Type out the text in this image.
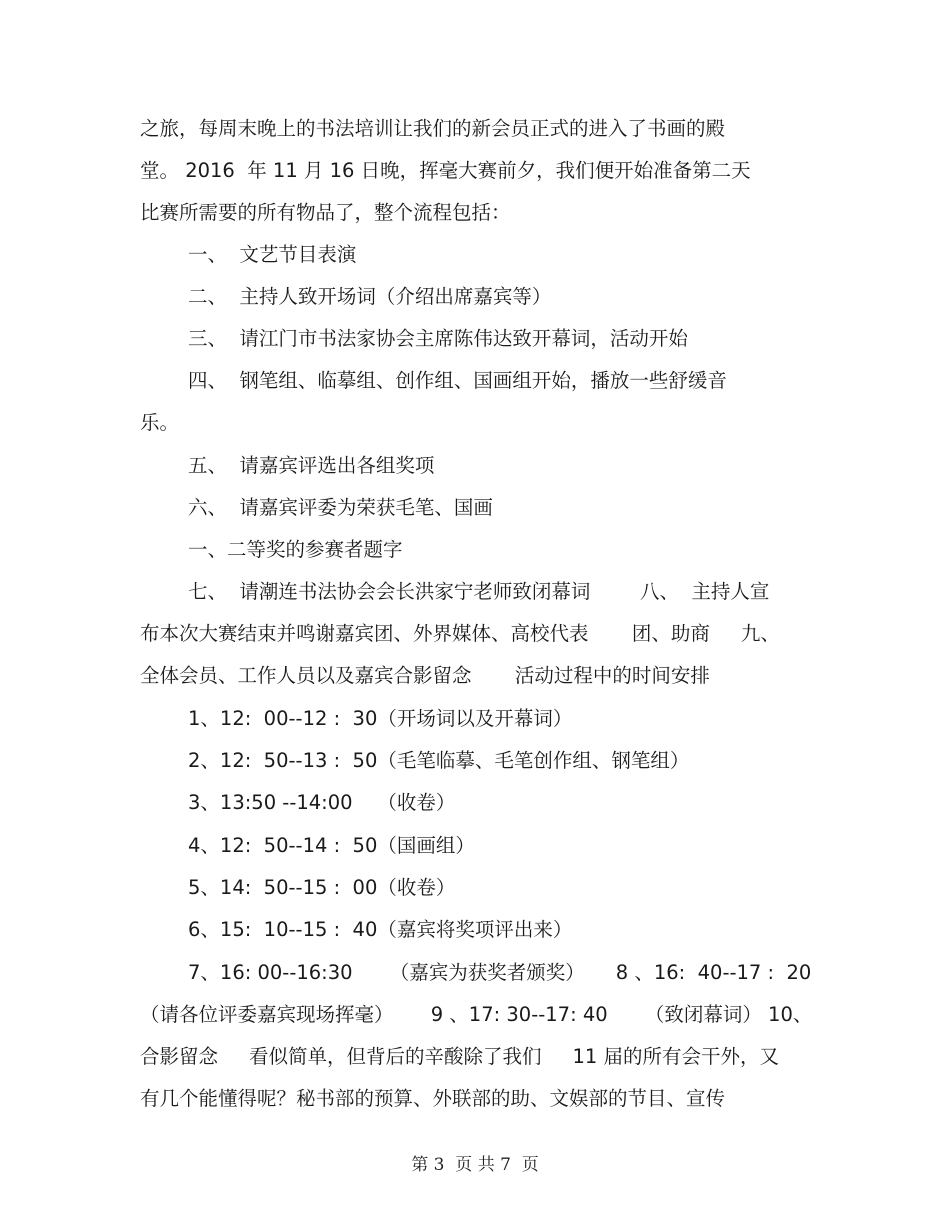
之旅，每周末晚上的书法培训让我们的新会员正式的进入了书画的殿
堂。 2016  年 11 月 16 日晚，挥毫大赛前夕，我们便开始准备第二天
比赛所需要的所有物品了，整个流程包括：
一、  文艺节目表演
二、  主持人致开场词（介绍出席嘉宾等）
三、  请江门市书法家协会主席陈伟达致开幕词，活动开始
四、  钢笔组、临摹组、创作组、国画组开始，播放一些舒缓音
乐。
五、  请嘉宾评选出各组奖项
六、  请嘉宾评委为荣获毛笔、国画
一、二等奖的参赛者题字
七、  请潮连书法协会会长洪家宁老师致闭幕词        八、  主持人宣
布本次大赛结束并鸣谢嘉宾团、外界媒体、高校代表       团、助商     九、
全体会员、工作人员以及嘉宾合影留念       活动过程中的时间安排
1、12:  00--12 :  30（开场词以及开幕词）
2、12:  50--13 :  50（毛笔临摹、毛笔创作组、钢笔组）
3、13:50 --14:00    （收卷）
4、12:  50--14 :  50（国画组）
5、14:  50--15 :  00（收卷）
6、15:  10--15 :  40（嘉宾将奖项评出来）
7、16: 00--16:30      （嘉宾为获奖者颁奖）     8 、16:  40--17 :  20
（请各位评委嘉宾现场挥毫）      9 、17: 30--17: 40      （致闭幕词） 10、
合影留念     看似简单，但背后的辛酸除了我们     11 届的所有会干外，又
有几个能懂得呢？秘书部的预算、外联部的助、文娱部的节目、宣传
第 3  页 共 7  页
